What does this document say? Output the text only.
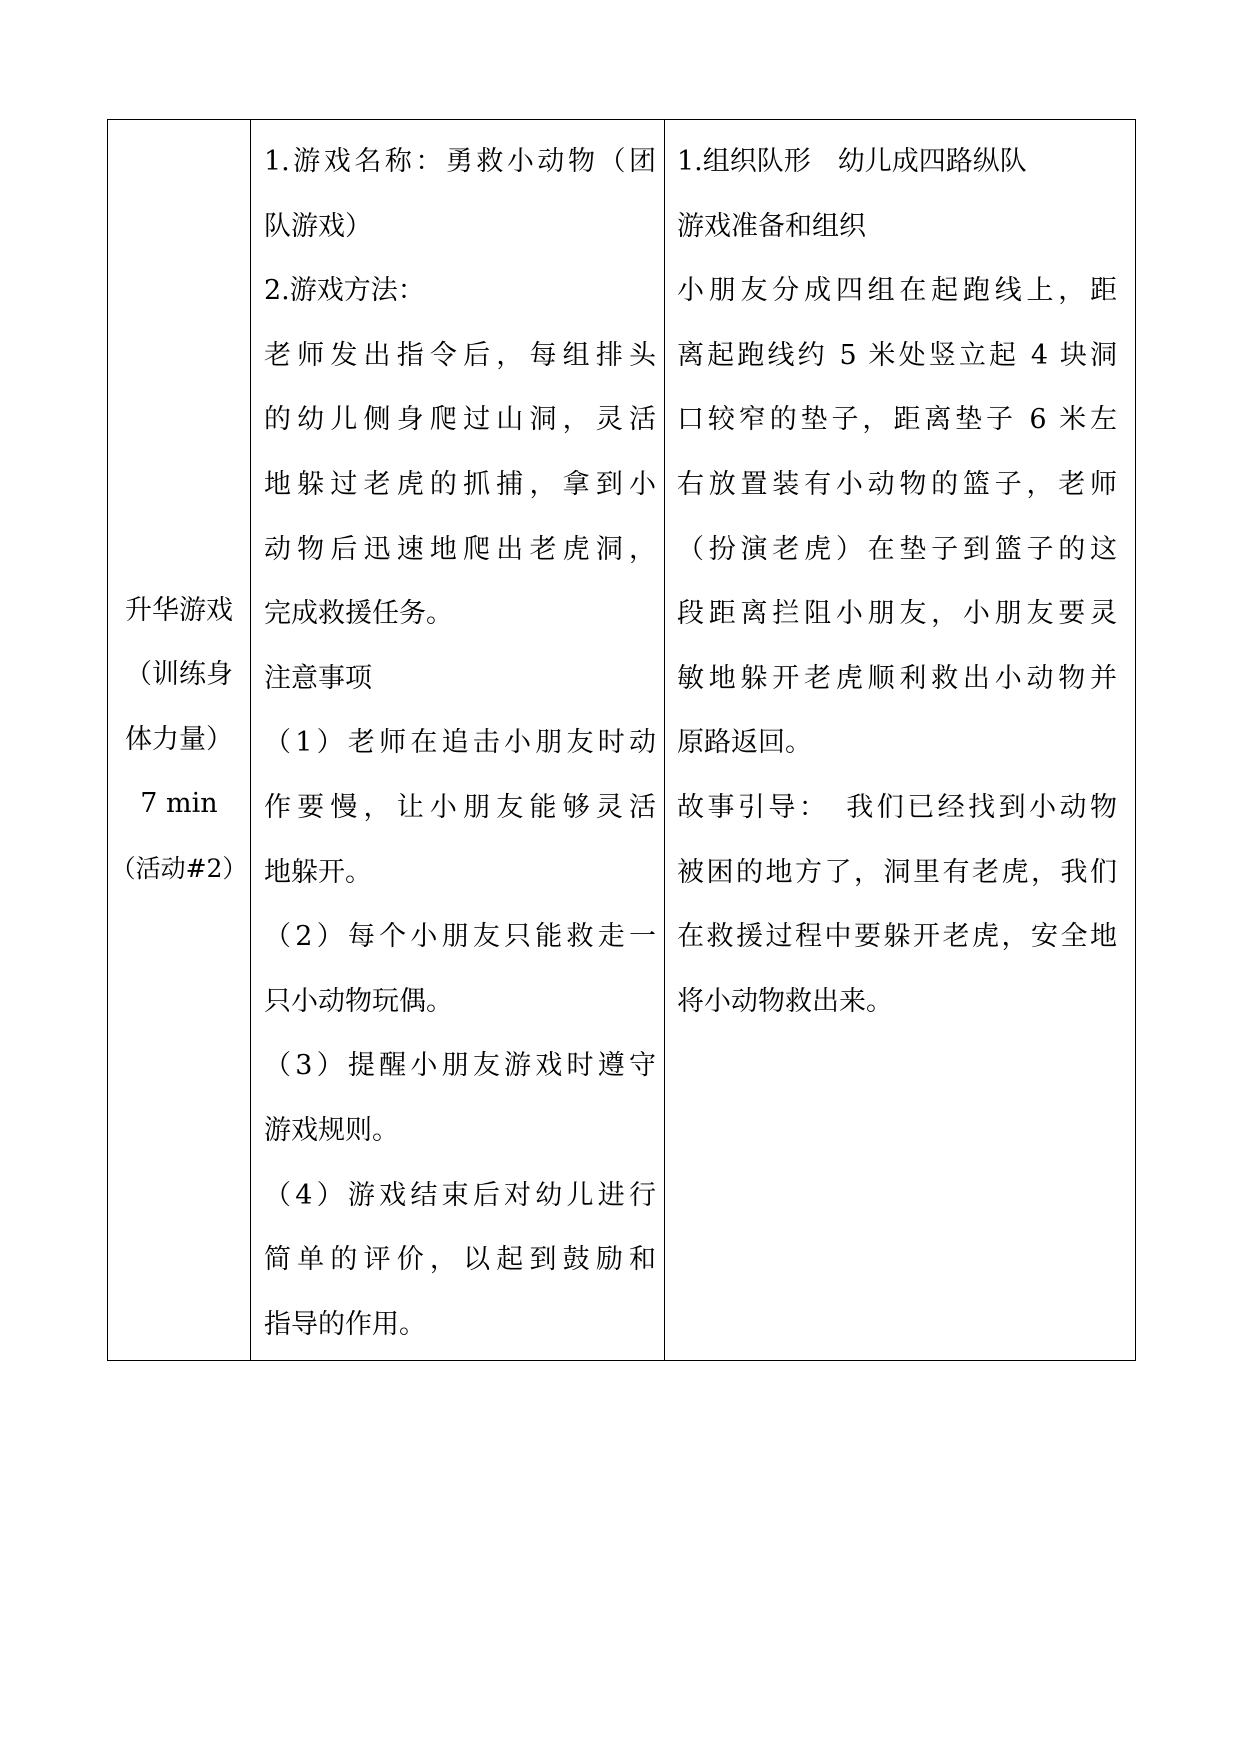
升华游戏
（训练身
体力量）
7 min
（活动#2）

1.游戏名称：勇救小动物（团
队游戏）
2.游戏方法：
老师发出指令后，每组排头
的幼儿侧身爬过山洞，灵活
地躲过老虎的抓捕，拿到小
动物后迅速地爬出老虎洞，
完成救援任务。
注意事项
（1）老师在追击小朋友时动
作要慢，让小朋友能够灵活
地躲开。
（2）每个小朋友只能救走一
只小动物玩偶。
（3）提醒小朋友游戏时遵守
游戏规则。
（4）游戏结束后对幼儿进行
简单的评价，以起到鼓励和
指导的作用。

1.组织队形　幼儿成四路纵队
游戏准备和组织
小朋友分成四组在起跑线上，距
离起跑线约 5 米处竖立起 4 块洞
口较窄的垫子，距离垫子 6 米左
右放置装有小动物的篮子，老师
（扮演老虎）在垫子到篮子的这
段距离拦阻小朋友，小朋友要灵
敏地躲开老虎顺利救出小动物并
原路返回。
故事引导：　我们已经找到小动物
被困的地方了，洞里有老虎，我们
在救援过程中要躲开老虎，安全地
将小动物救出来。
